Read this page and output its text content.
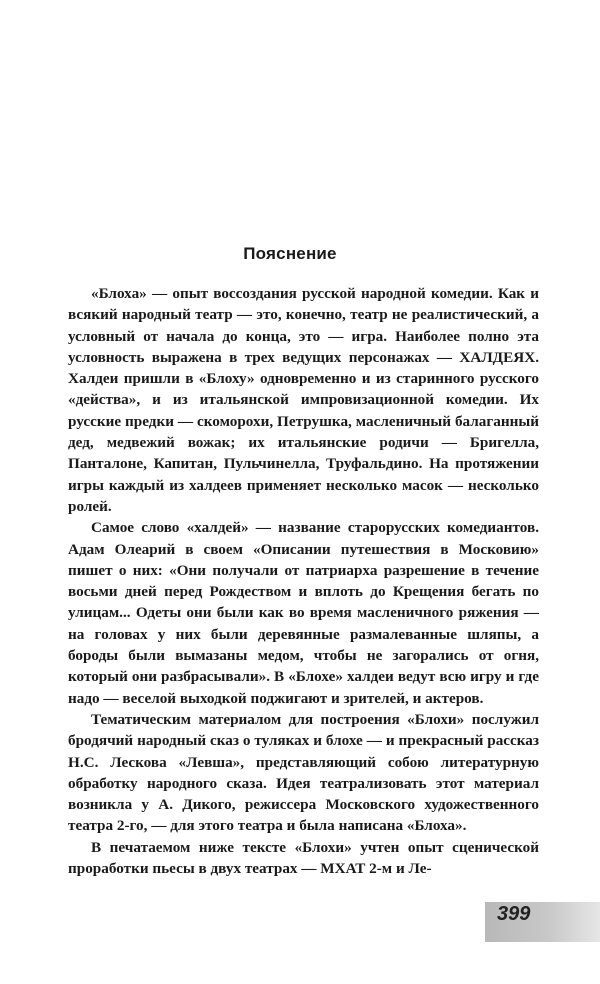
Пояснение

«Блоха» — опыт воссоздания русской народной комедии. Как и всякий народный театр — это, конечно, театр не реалистический, а условный от начала до конца, это — игра. Наиболее полно эта условность выражена в трех ведущих персонажах — ХАЛДЕЯХ. Халдеи пришли в «Блоху» одновременно и из старинного русского «действа», и из итальянской импровизационной комедии. Их русские предки — скоморохи, Петрушка, масленичный балаганный дед, медвежий вожак; их итальянские родичи — Бригелла, Панталоне, Капитан, Пульчинелла, Труфальдино. На протяжении игры каждый из халдеев применяет несколько масок — несколько ролей.

Самое слово «халдей» — название старорусских комедиантов. Адам Олеарий в своем «Описании путешествия в Московию» пишет о них: «Они получали от патриарха разрешение в течение восьми дней перед Рождеством и вплоть до Крещения бегать по улицам... Одеты они были как во время масленичного ряжения — на головах у них были деревянные размалеванные шляпы, а бороды были вымазаны медом, чтобы не загорались от огня, который они разбрасывали». В «Блохе» халдеи ведут всю игру и где надо — веселой выходкой поджигают и зрителей, и актеров.

Тематическим материалом для построения «Блохи» послужил бродячий народный сказ о туляках и блохе — и прекрасный рассказ Н.С. Лескова «Левша», представляющий собою литературную обработку народного сказа. Идея театрализовать этот материал возникла у А. Дикого, режиссера Московского художественного театра 2-го, — для этого театра и была написана «Блоха».

В печатаемом ниже тексте «Блохи» учтен опыт сценической проработки пьесы в двух театрах — МХАТ 2-м и Ле-

399
